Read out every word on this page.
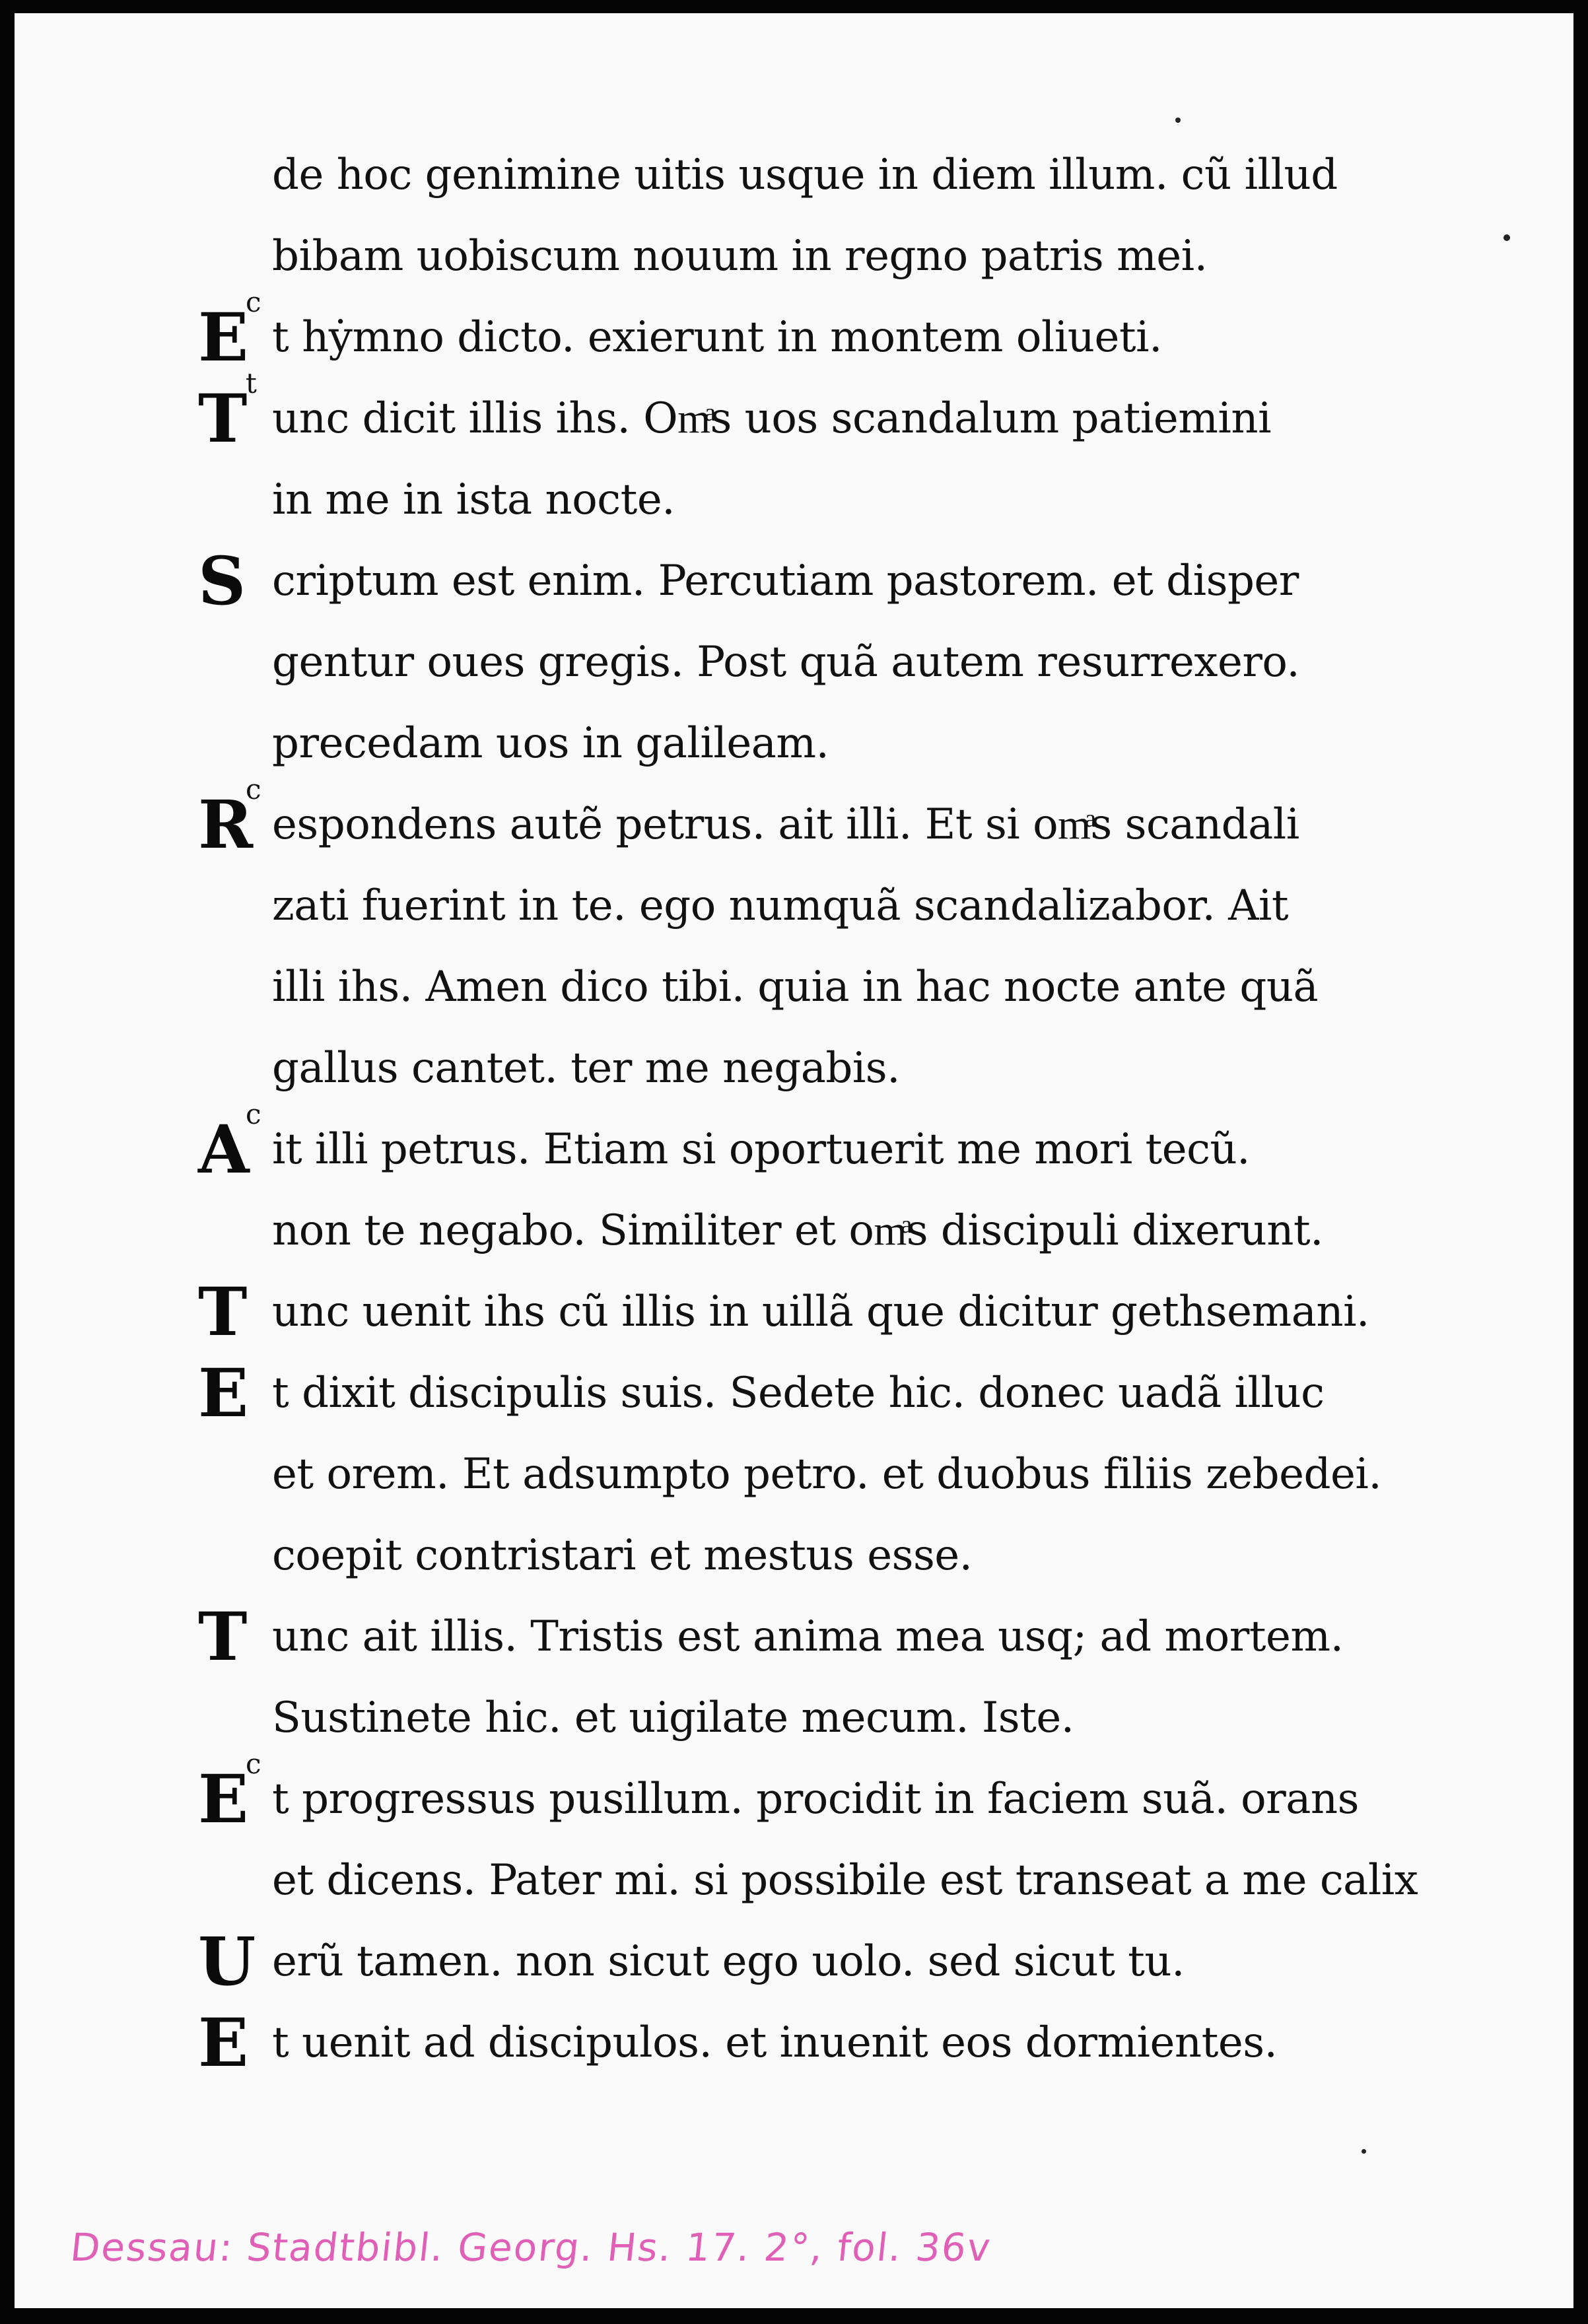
de hoc genimine uitis usque in diem illum. cũ illud
bibam uobiscum nouum in regno patris mei.
E
c
t hẏmno dicto. exierunt in montem oliueti.
T
t
unc dicit illis ihs. Omͣs uos scandalum patiemini
in me in ista nocte.
S criptum est enim. Percutiam pastorem. et disper
gentur oues gregis. Post quã autem resurrexero.
precedam uos in galileam.
R
c
espondens autẽ petrus. ait illi. Et si omͣs scandali
zati fuerint in te. ego numquã scandalizabor. Ait
illi ihs. Amen dico tibi. quia in hac nocte ante quã
gallus cantet. ter me negabis.
A
c
it illi petrus. Etiam si oportuerit me mori tecũ.
non te negabo. Similiter et omͣs discipuli dixerunt.
T unc uenit ihs cũ illis in uillã que dicitur gethsemani.
E t dixit discipulis suis. Sedete hic. donec uadã illuc
et orem. Et adsumpto petro. et duobus filiis zebedei.
coepit contristari et mestus esse.
T unc ait illis. Tristis est anima mea usq; ad mortem.
Sustinete hic. et uigilate mecum. Iste.
E
c
t progressus pusillum. procidit in faciem suã. orans
et dicens. Pater mi. si possibile est transeat a me calix
U erũ tamen. non sicut ego uolo. sed sicut tu.
E t uenit ad discipulos. et inuenit eos dormientes.
Dessau: Stadtbibl. Georg. Hs. 17. 2°, fol. 36v
